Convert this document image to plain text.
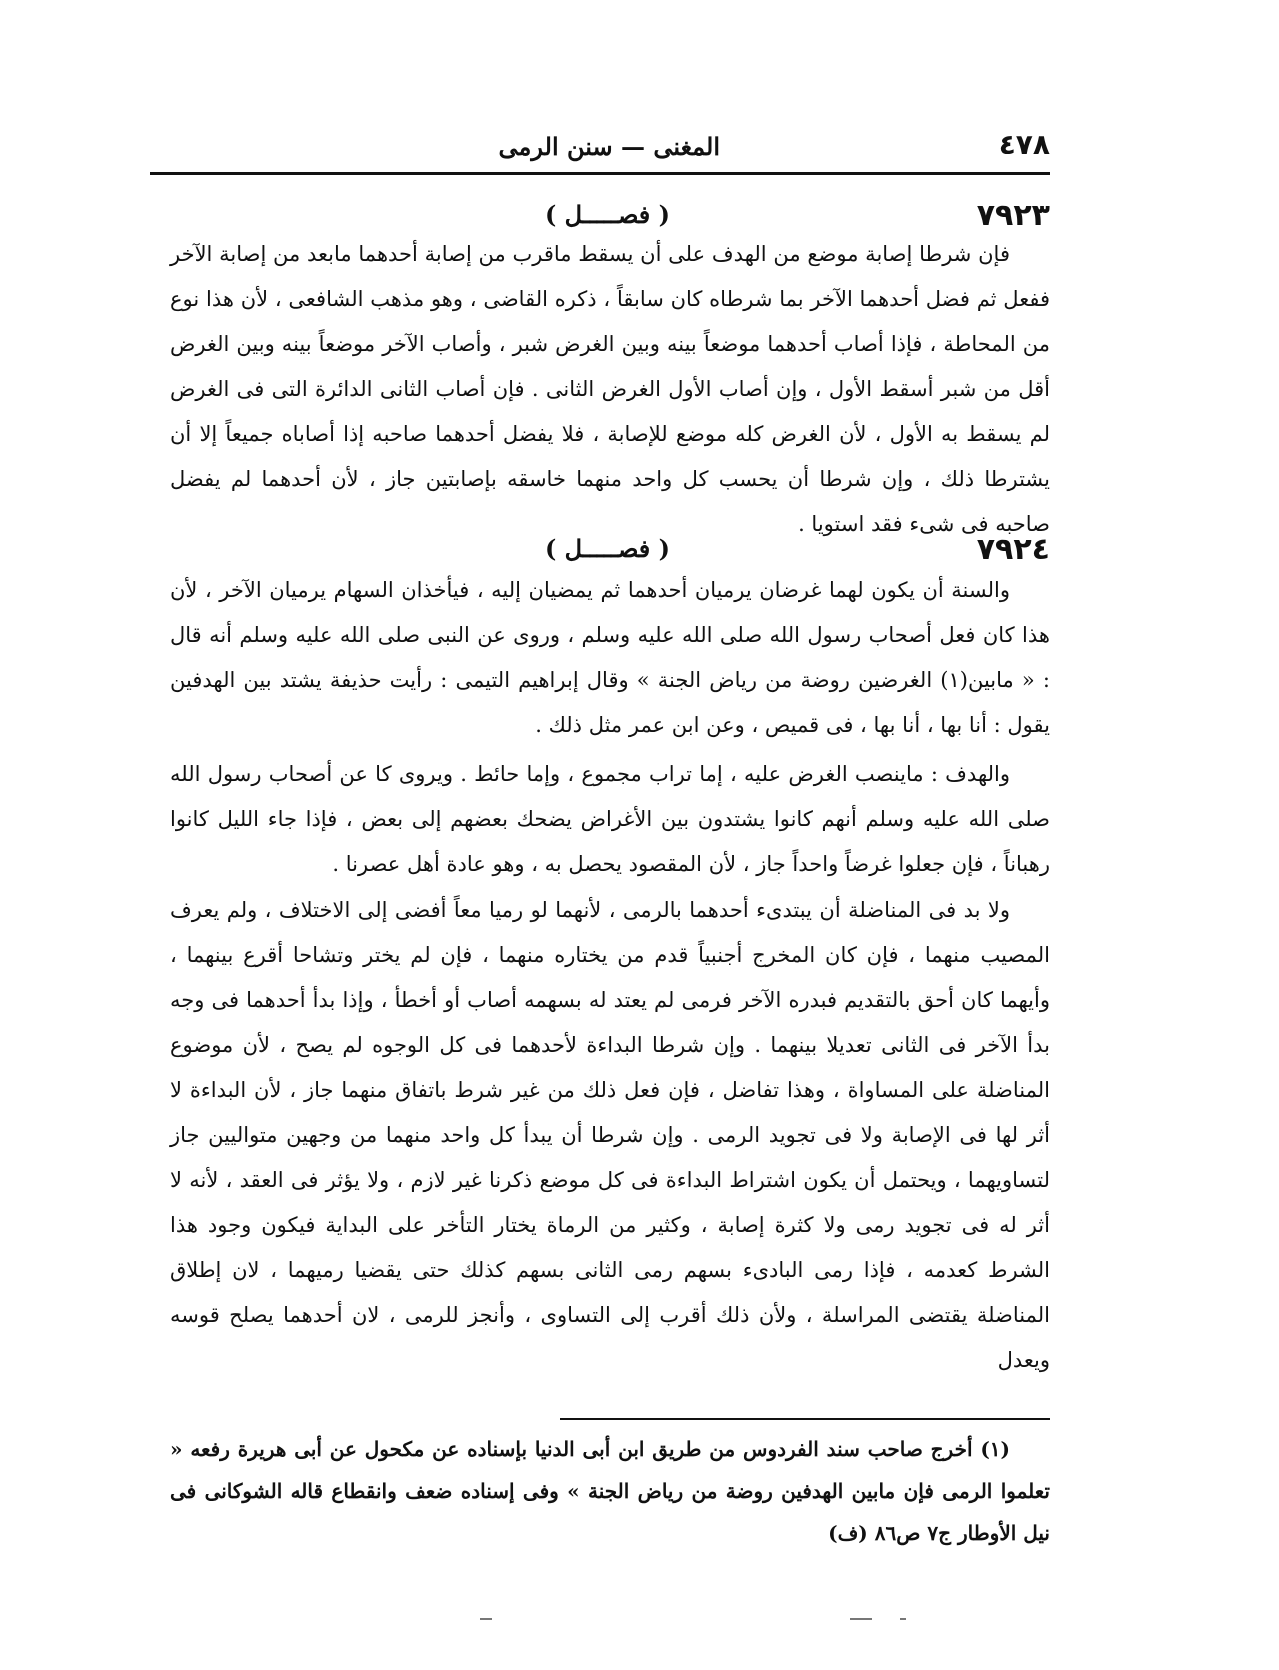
٤٧٨
المغنى — سنن الرمى
٧٩٢٣
( فصـــــل )

فإن شرطا إصابة موضع من الهدف على أن يسقط ماقرب من إصابة أحدهما مابعد من إصابة الآخر ففعل ثم فضل أحدهما الآخر بما شرطاه كان سابقاً ، ذكره القاضى ، وهو مذهب الشافعى ، لأن هذا نوع من المحاطة ، فإذا أصاب أحدهما موضعاً بينه وبين الغرض شبر ، وأصاب الآخر موضعاً بينه وبين الغرض أقل من شبر أسقط الأول ، وإن أصاب الأول الغرض الثانى . فإن أصاب الثانى الدائرة التى فى الغرض لم يسقط به الأول ، لأن الغرض كله موضع للإصابة ، فلا يفضل أحدهما صاحبه إذا أصاباه جميعاً إلا أن يشترطا ذلك ، وإن شرطا أن يحسب كل واحد منهما خاسقه بإصابتين جاز ، لأن أحدهما لم يفضل صاحبه فى شىء فقد استويا .

٧٩٢٤
( فصـــــل )

والسنة أن يكون لهما غرضان يرميان أحدهما ثم يمضيان إليه ، فيأخذان السهام يرميان الآخر ، لأن هذا كان فعل أصحاب رسول الله صلى الله عليه وسلم ، وروى عن النبى صلى الله عليه وسلم أنه قال : « مابين(١) الغرضين روضة من رياض الجنة » وقال إبراهيم التيمى : رأيت حذيفة يشتد بين الهدفين يقول : أنا بها ، أنا بها ، فى قميص ، وعن ابن عمر مثل ذلك .

والهدف : ماينصب الغرض عليه ، إما تراب مجموع ، وإما حائط . ويروى كا عن أصحاب رسول الله صلى الله عليه وسلم أنهم كانوا يشتدون بين الأغراض يضحك بعضهم إلى بعض ، فإذا جاء الليل كانوا رهباناً ، فإن جعلوا غرضاً واحداً جاز ، لأن المقصود يحصل به ، وهو عادة أهل عصرنا .

ولا بد فى المناضلة أن يبتدىء أحدهما بالرمى ، لأنهما لو رميا معاً أفضى إلى الاختلاف ، ولم يعرف المصيب منهما ، فإن كان المخرج أجنبياً قدم من يختاره منهما ، فإن لم يختر وتشاحا أقرع بينهما ، وأيهما كان أحق بالتقديم فبدره الآخر فرمى لم يعتد له بسهمه أصاب أو أخطأ ، وإذا بدأ أحدهما فى وجه بدأ الآخر فى الثانى تعديلا بينهما . وإن شرطا البداءة لأحدهما فى كل الوجوه لم يصح ، لأن موضوع المناضلة على المساواة ، وهذا تفاضل ، فإن فعل ذلك من غير شرط باتفاق منهما جاز ، لأن البداءة لا أثر لها فى الإصابة ولا فى تجويد الرمى . وإن شرطا أن يبدأ كل واحد منهما من وجهين متواليين جاز لتساويهما ، ويحتمل أن يكون اشتراط البداءة فى كل موضع ذكرنا غير لازم ، ولا يؤثر فى العقد ، لأنه لا أثر له فى تجويد رمى ولا كثرة إصابة ، وكثير من الرماة يختار التأخر على البداية فيكون وجود هذا الشرط كعدمه ، فإذا رمى البادىء بسهم رمى الثانى بسهم كذلك حتى يقضيا رميهما ، لان إطلاق المناضلة يقتضى المراسلة ، ولأن ذلك أقرب إلى التساوى ، وأنجز للرمى ، لان أحدهما يصلح قوسه ويعدل

(١) أخرج صاحب سند الفردوس من طريق ابن أبى الدنيا بإسناده عن مكحول عن أبى هريرة رفعه « تعلموا الرمى فإن مابين الهدفين روضة من رياض الجنة » وفى إسناده ضعف وانقطاع قاله الشوكانى فى نيل الأوطار ج٧ ص٨٦ (ف)
